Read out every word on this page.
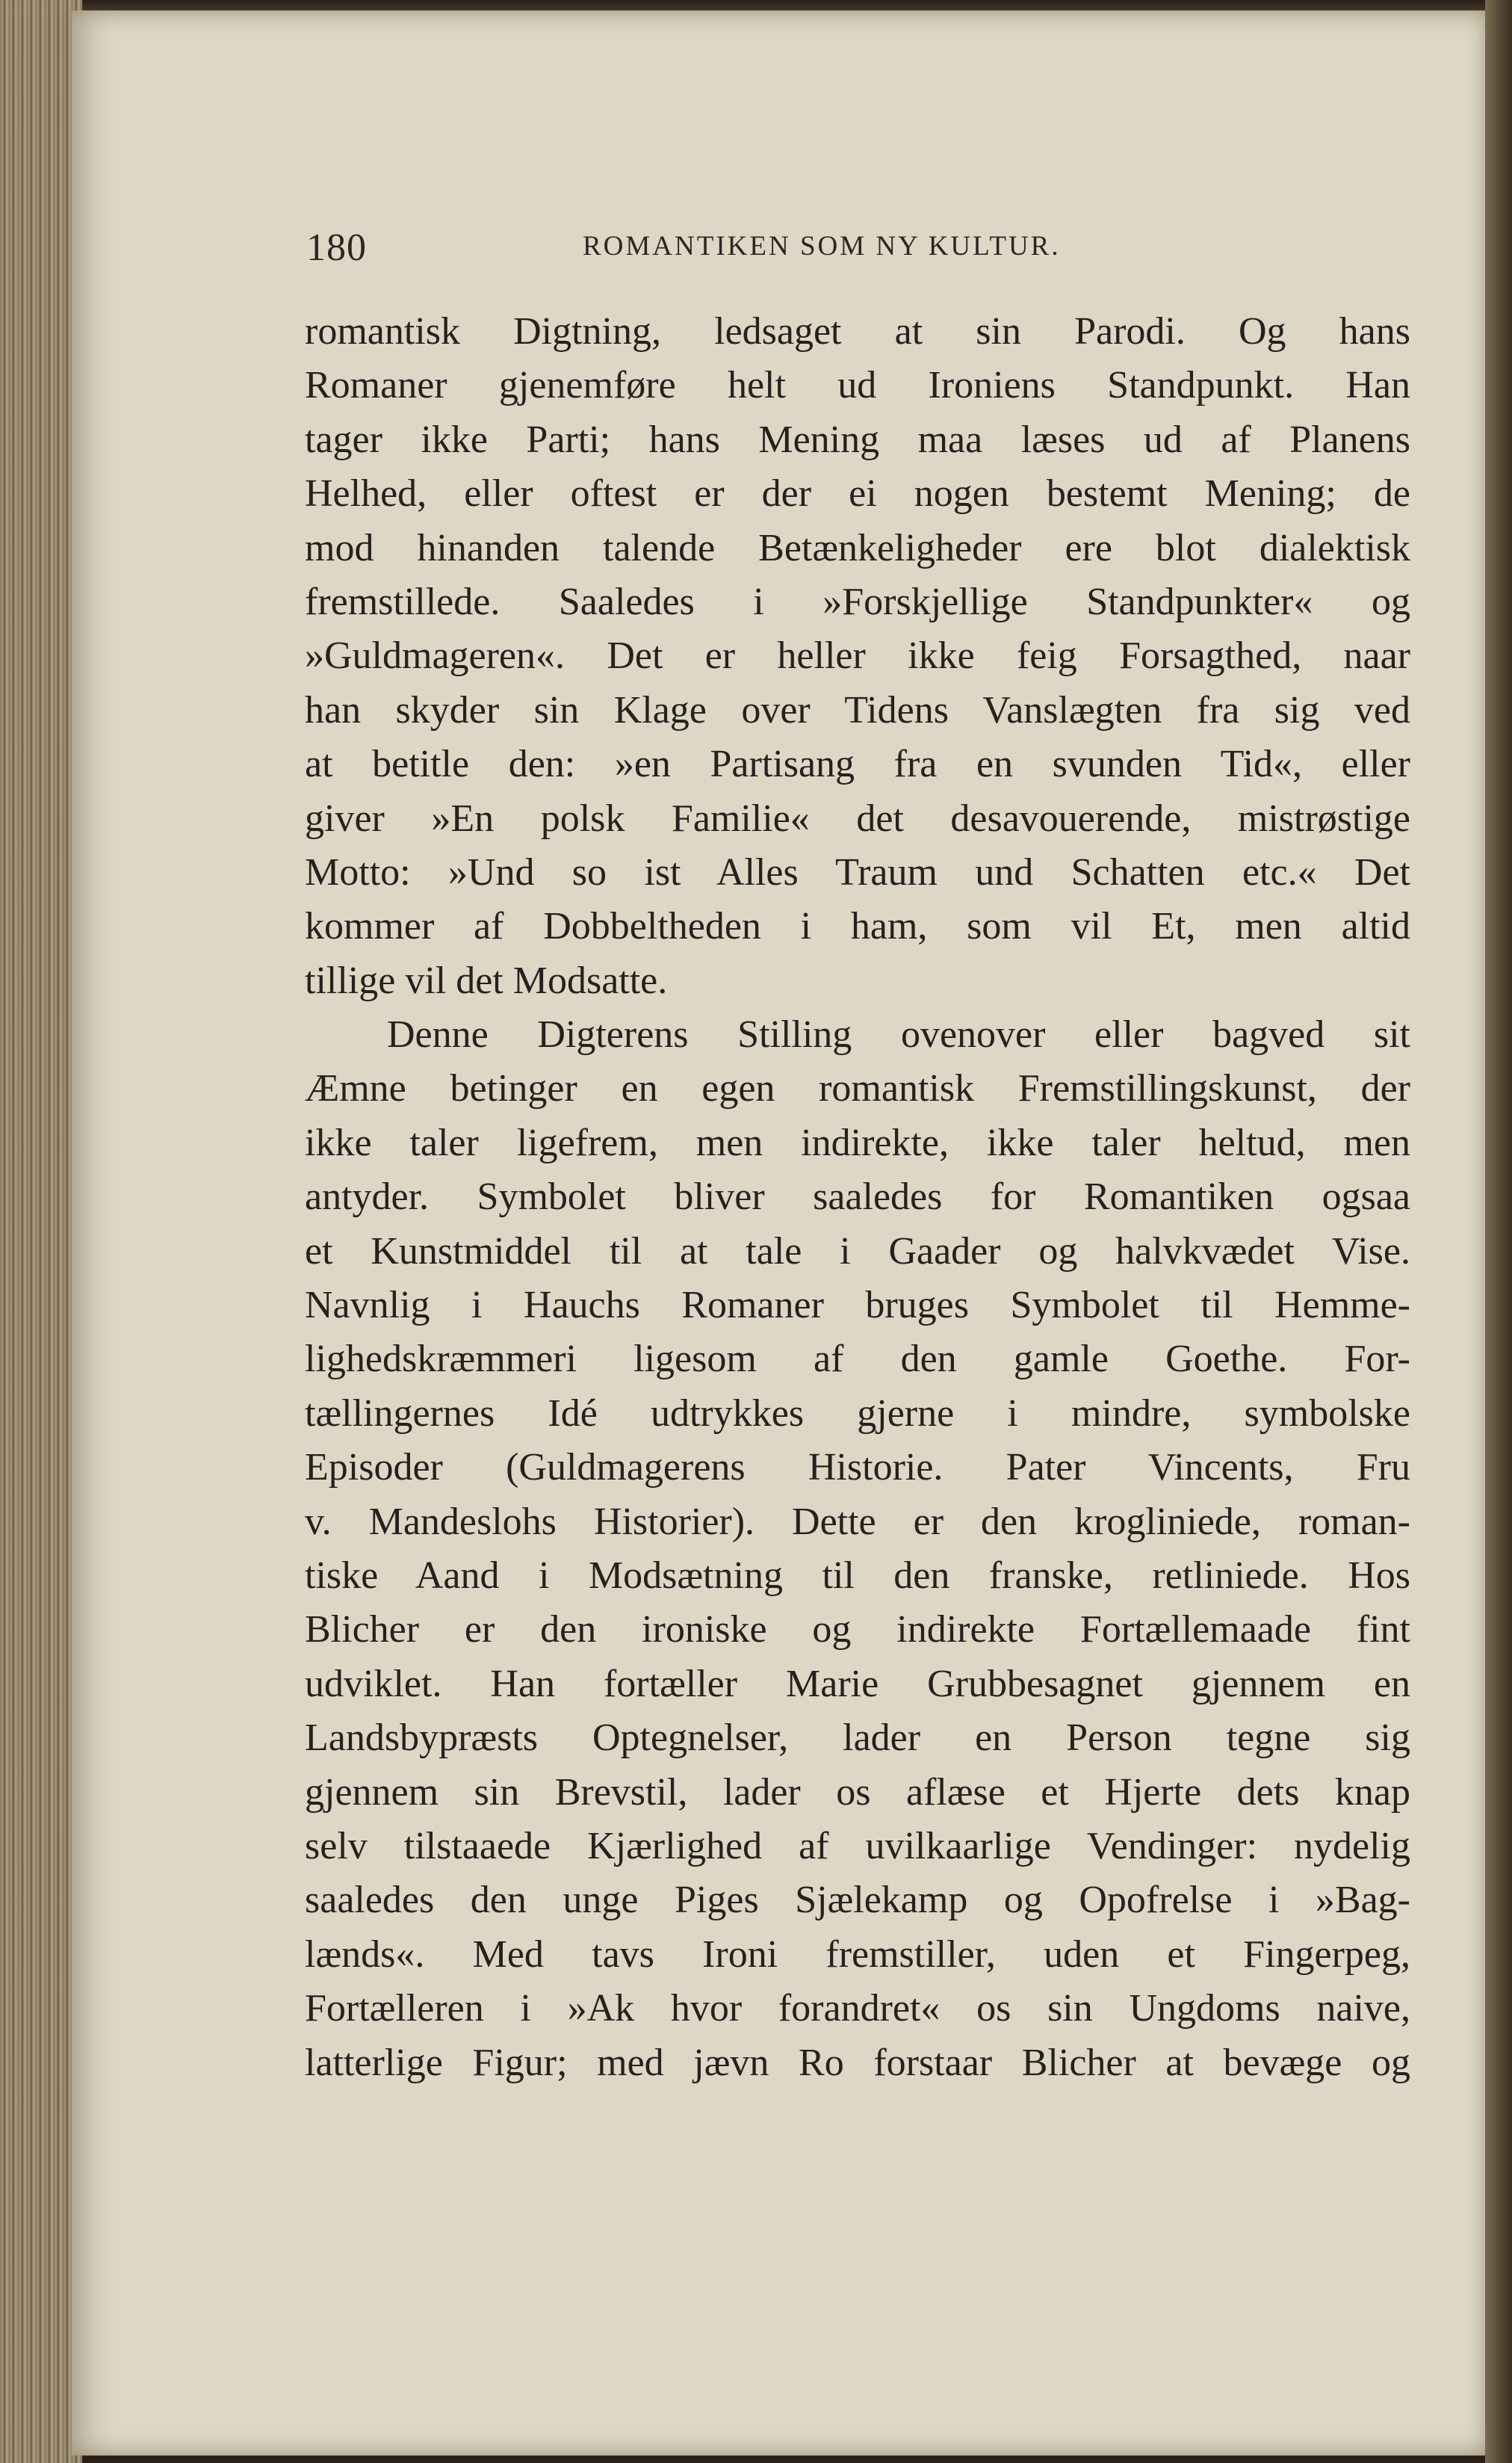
180	ROMANTIKEN SOM NY KULTUR.
romantisk Digtning, ledsaget at sin Parodi. Og hans
Romaner gjenemføre helt ud Ironiens Standpunkt. Han
tager ikke Parti; hans Mening maa læses ud af Planens
Helhed, eller oftest er der ei nogen bestemt Mening; de
mod hinanden talende Betænkeligheder ere blot dialektisk
fremstillede. Saaledes i »Forskjellige Standpunkter« og
»Guldmageren«. Det er heller ikke feig Forsagthed, naar
han skyder sin Klage over Tidens Vanslægten fra sig ved
at betitle den: »en Partisang fra en svunden Tid«, eller
giver »En polsk Familie« det desavouerende, mistrøstige
Motto: »Und so ist Alles Traum und Schatten etc.« Det
kommer af Dobbeltheden i ham, som vil Et, men altid
tillige vil det Modsatte.
Denne Digterens Stilling ovenover eller bagved sit
Æmne betinger en egen romantisk Fremstillingskunst, der
ikke taler ligefrem, men indirekte, ikke taler heltud, men
antyder. Symbolet bliver saaledes for Romantiken ogsaa
et Kunstmiddel til at tale i Gaader og halvkvædet Vise.
Navnlig i Hauchs Romaner bruges Symbolet til Hemme-
lighedskræmmeri ligesom af den gamle Goethe. For-
tællingernes Idé udtrykkes gjerne i mindre, symbolske
Episoder (Guldmagerens Historie. Pater Vincents, Fru
v. Mandeslohs Historier). Dette er den krogliniede, roman-
tiske Aand i Modsætning til den franske, retliniede. Hos
Blicher er den ironiske og indirekte Fortællemaade fint
udviklet. Han fortæller Marie Grubbesagnet gjennem en
Landsbypræsts Optegnelser, lader en Person tegne sig
gjennem sin Brevstil, lader os aflæse et Hjerte dets knap
selv tilstaaede Kjærlighed af uvilkaarlige Vendinger: nydelig
saaledes den unge Piges Sjælekamp og Opofrelse i »Bag-
lænds«. Med tavs Ironi fremstiller, uden et Fingerpeg,
Fortælleren i »Ak hvor forandret« os sin Ungdoms naive,
latterlige Figur; med jævn Ro forstaar Blicher at bevæge og
